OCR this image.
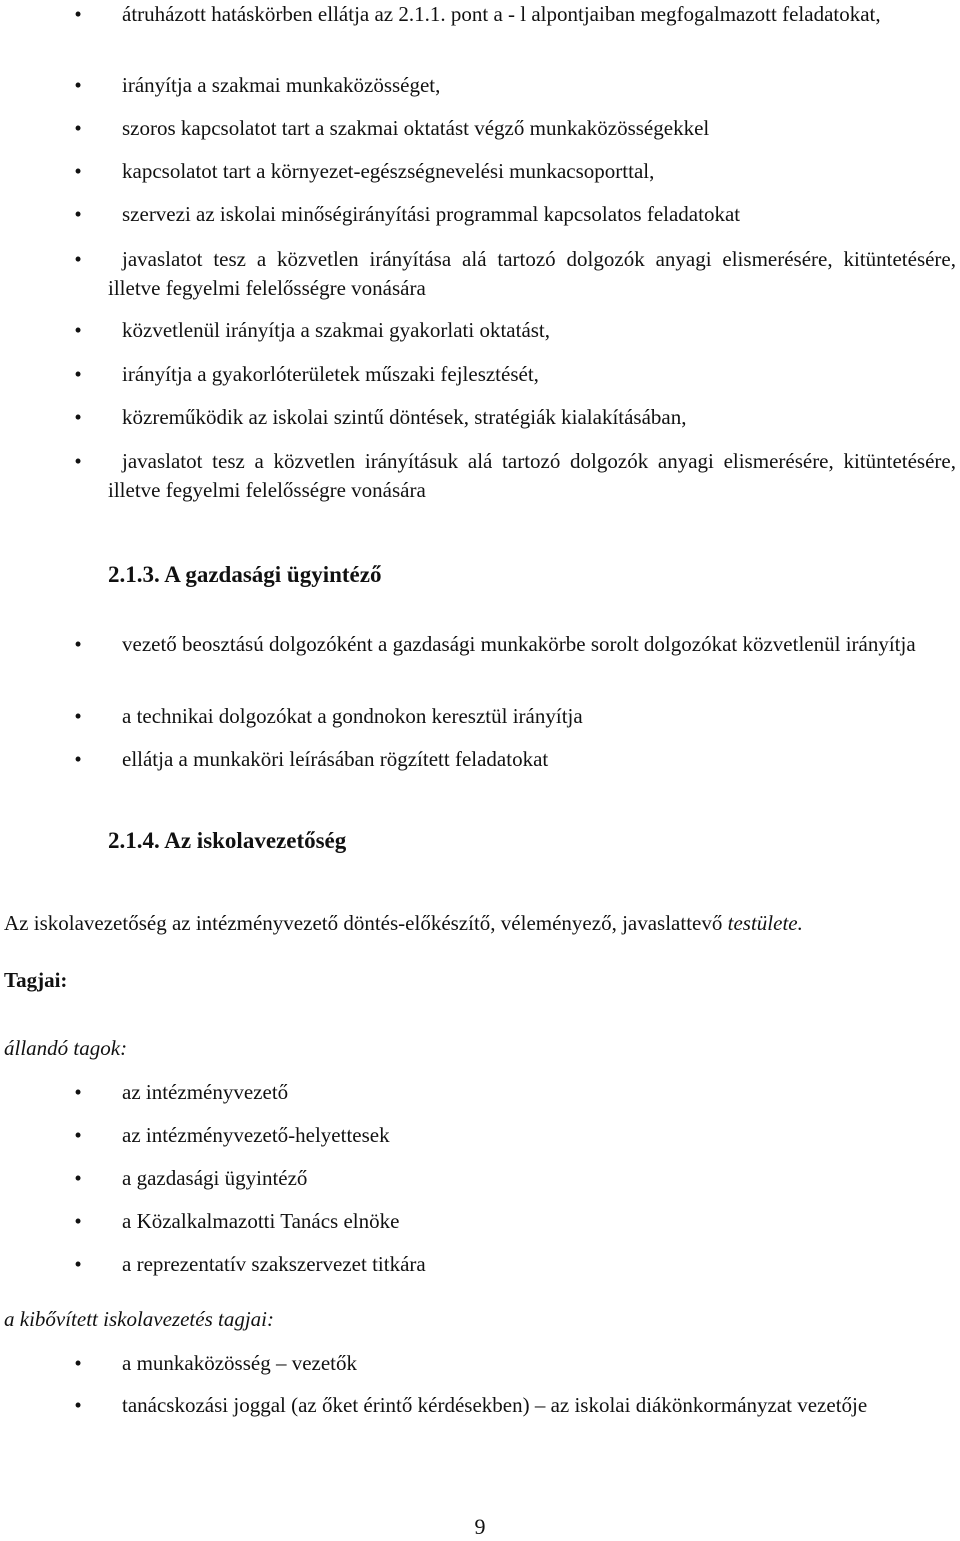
•	átruházott hatáskörben ellátja az 2.1.1. pont a - l alpontjaiban megfogalmazott feladatokat,
•	irányítja a szakmai munkaközösséget,
•	szoros kapcsolatot tart a szakmai oktatást végző munkaközösségekkel
•	kapcsolatot tart a környezet-egészségnevelési munkacsoporttal,
•	szervezi az iskolai minőségirányítási programmal kapcsolatos feladatokat
•	javaslatot tesz a közvetlen irányítása alá tartozó dolgozók anyagi elismerésére, kitüntetésére, illetve fegyelmi felelősségre vonására
•	közvetlenül irányítja a szakmai gyakorlati oktatást,
•	irányítja a gyakorlóterületek műszaki fejlesztését,
•	közreműködik az iskolai szintű döntések, stratégiák kialakításában,
•	javaslatot tesz a közvetlen irányításuk alá tartozó dolgozók anyagi elismerésére, kitüntetésére, illetve fegyelmi felelősségre vonására
2.1.3. A gazdasági ügyintéző
•	vezető beosztású dolgozóként a gazdasági munkakörbe sorolt dolgozókat közvetlenül irányítja
•	a technikai dolgozókat a gondnokon keresztül irányítja
•	ellátja a munkaköri leírásában rögzített feladatokat
2.1.4. Az iskolavezetőség
Az iskolavezetőség az intézményvezető döntés-előkészítő, véleményező, javaslattevő testülete.
Tagjai:
állandó tagok:
•	az intézményvezető
•	az intézményvezető-helyettesek
•	a gazdasági ügyintéző
•	a Közalkalmazotti Tanács elnöke
•	a reprezentatív szakszervezet titkára
a kibővített iskolavezetés tagjai:
•	a munkaközösség – vezetők
•	tanácskozási joggal (az őket érintő kérdésekben) – az iskolai diákönkormányzat vezetője
9
